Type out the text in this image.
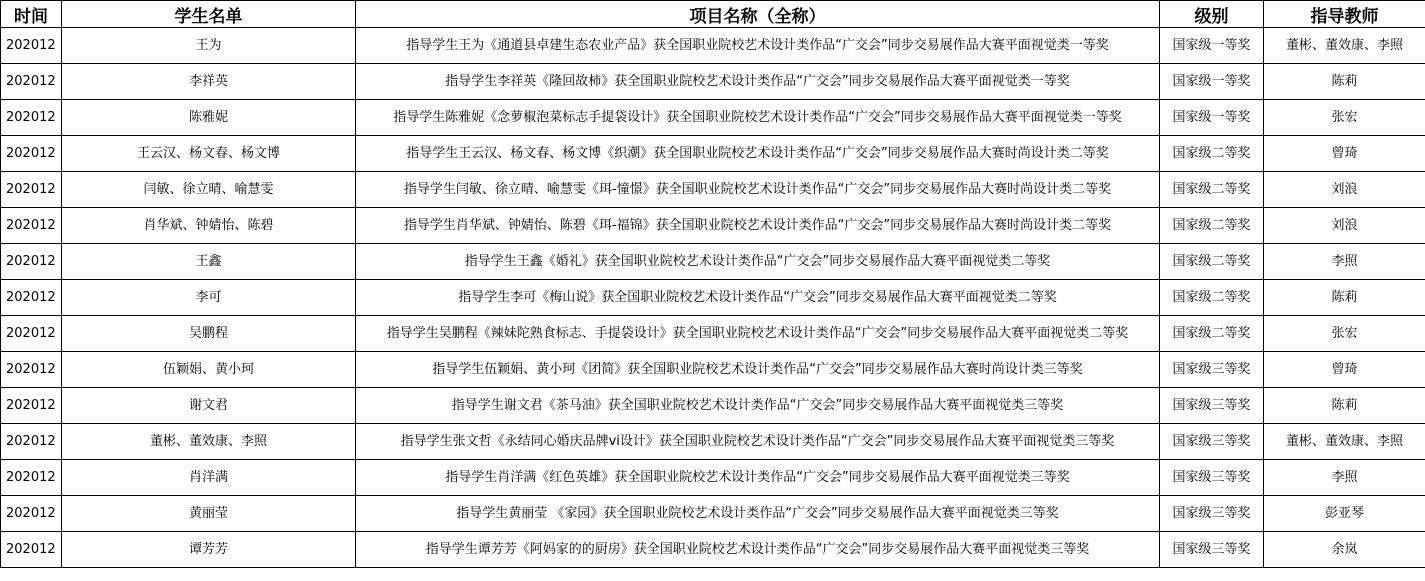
时间	学生名单	项目名称（全称）	级别	指导教师
202012	王为	指导学生王为《通道县卓建生态农业产品》获全国职业院校艺术设计类作品“广交会”同步交易展作品大赛平面视觉类一等奖	国家级一等奖	董彬、董效康、李照
202012	李祥英	指导学生李祥英《隆回故柿》获全国职业院校艺术设计类作品“广交会”同步交易展作品大赛平面视觉类一等奖	国家级一等奖	陈莉
202012	陈雅妮	指导学生陈雅妮《念萝椒泡菜标志手提袋设计》获全国职业院校艺术设计类作品“广交会”同步交易展作品大赛平面视觉类一等奖	国家级一等奖	张宏
202012	王云汉、杨文春、杨文博	指导学生王云汉、杨文春、杨文博《织潮》获全国职业院校艺术设计类作品“广交会”同步交易展作品大赛时尚设计类二等奖	国家级二等奖	曾琦
202012	闫敏、徐立晴、喻慧雯	指导学生闫敏、徐立晴、喻慧雯《珥-憧憬》获全国职业院校艺术设计类作品“广交会”同步交易展作品大赛时尚设计类二等奖	国家级二等奖	刘浪
202012	肖华斌、钟婧怡、陈碧	指导学生肖华斌、钟婧怡、陈碧《珥-福锦》获全国职业院校艺术设计类作品“广交会”同步交易展作品大赛时尚设计类二等奖	国家级二等奖	刘浪
202012	王鑫	指导学生王鑫《婚礼》获全国职业院校艺术设计类作品“广交会”同步交易展作品大赛平面视觉类二等奖	国家级二等奖	李照
202012	李可	指导学生李可《梅山说》获全国职业院校艺术设计类作品“广交会”同步交易展作品大赛平面视觉类二等奖	国家级二等奖	陈莉
202012	吴鹏程	指导学生吴鹏程《辣妹陀熟食标志、手提袋设计》获全国职业院校艺术设计类作品“广交会”同步交易展作品大赛平面视觉类二等奖	国家级二等奖	张宏
202012	伍颖娟、黄小珂	指导学生伍颖娟、黄小珂《团简》获全国职业院校艺术设计类作品“广交会”同步交易展作品大赛时尚设计类三等奖	国家级三等奖	曾琦
202012	谢文君	指导学生谢文君《茶马油》获全国职业院校艺术设计类作品“广交会”同步交易展作品大赛平面视觉类三等奖	国家级三等奖	陈莉
202012	董彬、董效康、李照	指导学生张文哲《永结同心婚庆品牌vi设计》获全国职业院校艺术设计类作品“广交会”同步交易展作品大赛平面视觉类三等奖	国家级三等奖	董彬、董效康、李照
202012	肖洋满	指导学生肖洋满《红色英雄》获全国职业院校艺术设计类作品“广交会”同步交易展作品大赛平面视觉类三等奖	国家级三等奖	李照
202012	黄丽莹	指导学生黄丽莹 《家园》获全国职业院校艺术设计类作品“广交会”同步交易展作品大赛平面视觉类三等奖	国家级三等奖	彭亚琴
202012	谭芳芳	指导学生谭芳芳《阿妈家的的厨房》获全国职业院校艺术设计类作品“广交会”同步交易展作品大赛平面视觉类三等奖	国家级三等奖	余岚
